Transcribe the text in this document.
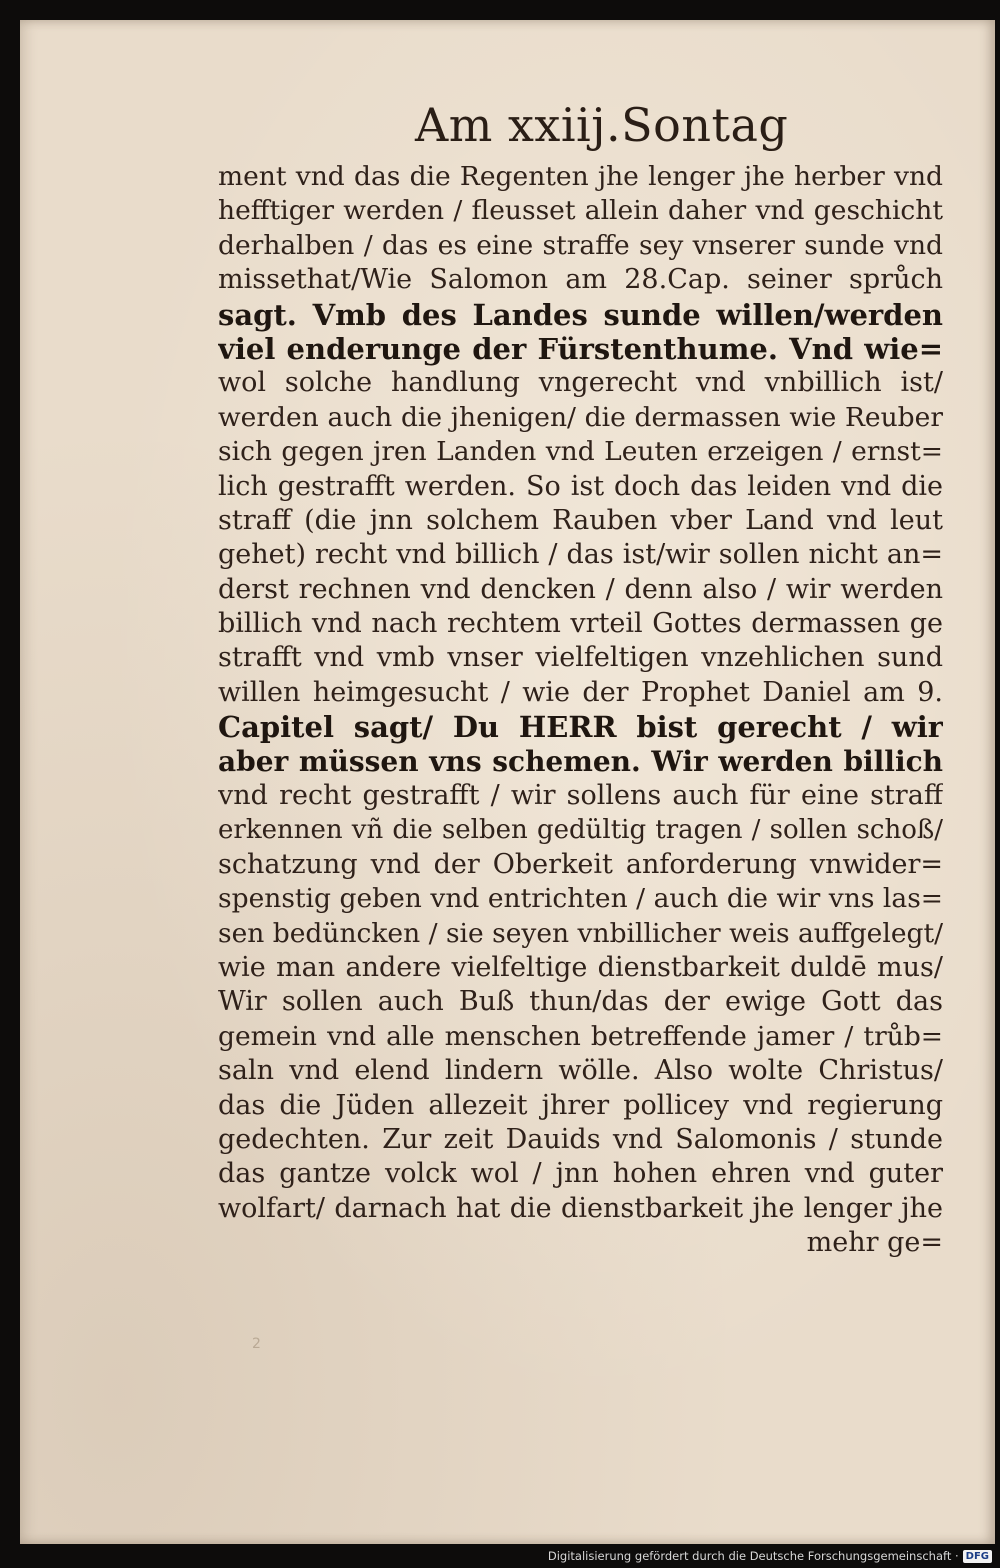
Am xxiij.Sontag
ment vnd das die Regenten jhe lenger jhe herber vnd
hefftiger werden / fleusset allein daher vnd geschicht
derhalben / das es eine straffe sey vnserer sunde vnd
missethat/Wie Salomon am 28.Cap. seiner sprůch
sagt. Vmb des Landes sunde willen/werden
viel enderunge der Fürstenthume. Vnd wie=
wol solche handlung vngerecht vnd vnbillich ist/
werden auch die jhenigen/ die dermassen wie Reuber
sich gegen jren Landen vnd Leuten erzeigen / ernst=
lich gestrafft werden. So ist doch das leiden vnd die
straff (die jnn solchem Rauben vber Land vnd leut
gehet) recht vnd billich / das ist/wir sollen nicht an=
derst rechnen vnd dencken / denn also / wir werden
billich vnd nach rechtem vrteil Gottes dermassen ge
strafft vnd vmb vnser vielfeltigen vnzehlichen sund
willen heimgesucht / wie der Prophet Daniel am 9.
Capitel sagt/ Du HERR bist gerecht / wir
aber müssen vns schemen. Wir werden billich
vnd recht gestrafft / wir sollens auch für eine straff
erkennen vñ die selben gedültig tragen / sollen schoß/
schatzung vnd der Oberkeit anforderung vnwider=
spenstig geben vnd entrichten / auch die wir vns las=
sen bedüncken / sie seyen vnbillicher weis auffgelegt/
wie man andere vielfeltige dienstbarkeit duldē mus/
Wir sollen auch Buß thun/das der ewige Gott das
gemein vnd alle menschen betreffende jamer / trůb=
saln vnd elend lindern wölle. Also wolte Christus/
das die Jüden allezeit jhrer pollicey vnd regierung
gedechten. Zur zeit Dauids vnd Salomonis / stunde
das gantze volck wol / jnn hohen ehren vnd guter
wolfart/ darnach hat die dienstbarkeit jhe lenger jhe
mehr ge=
2
Digitalisierung gefördert durch die Deutsche Forschungsgemeinschaft · DFG
